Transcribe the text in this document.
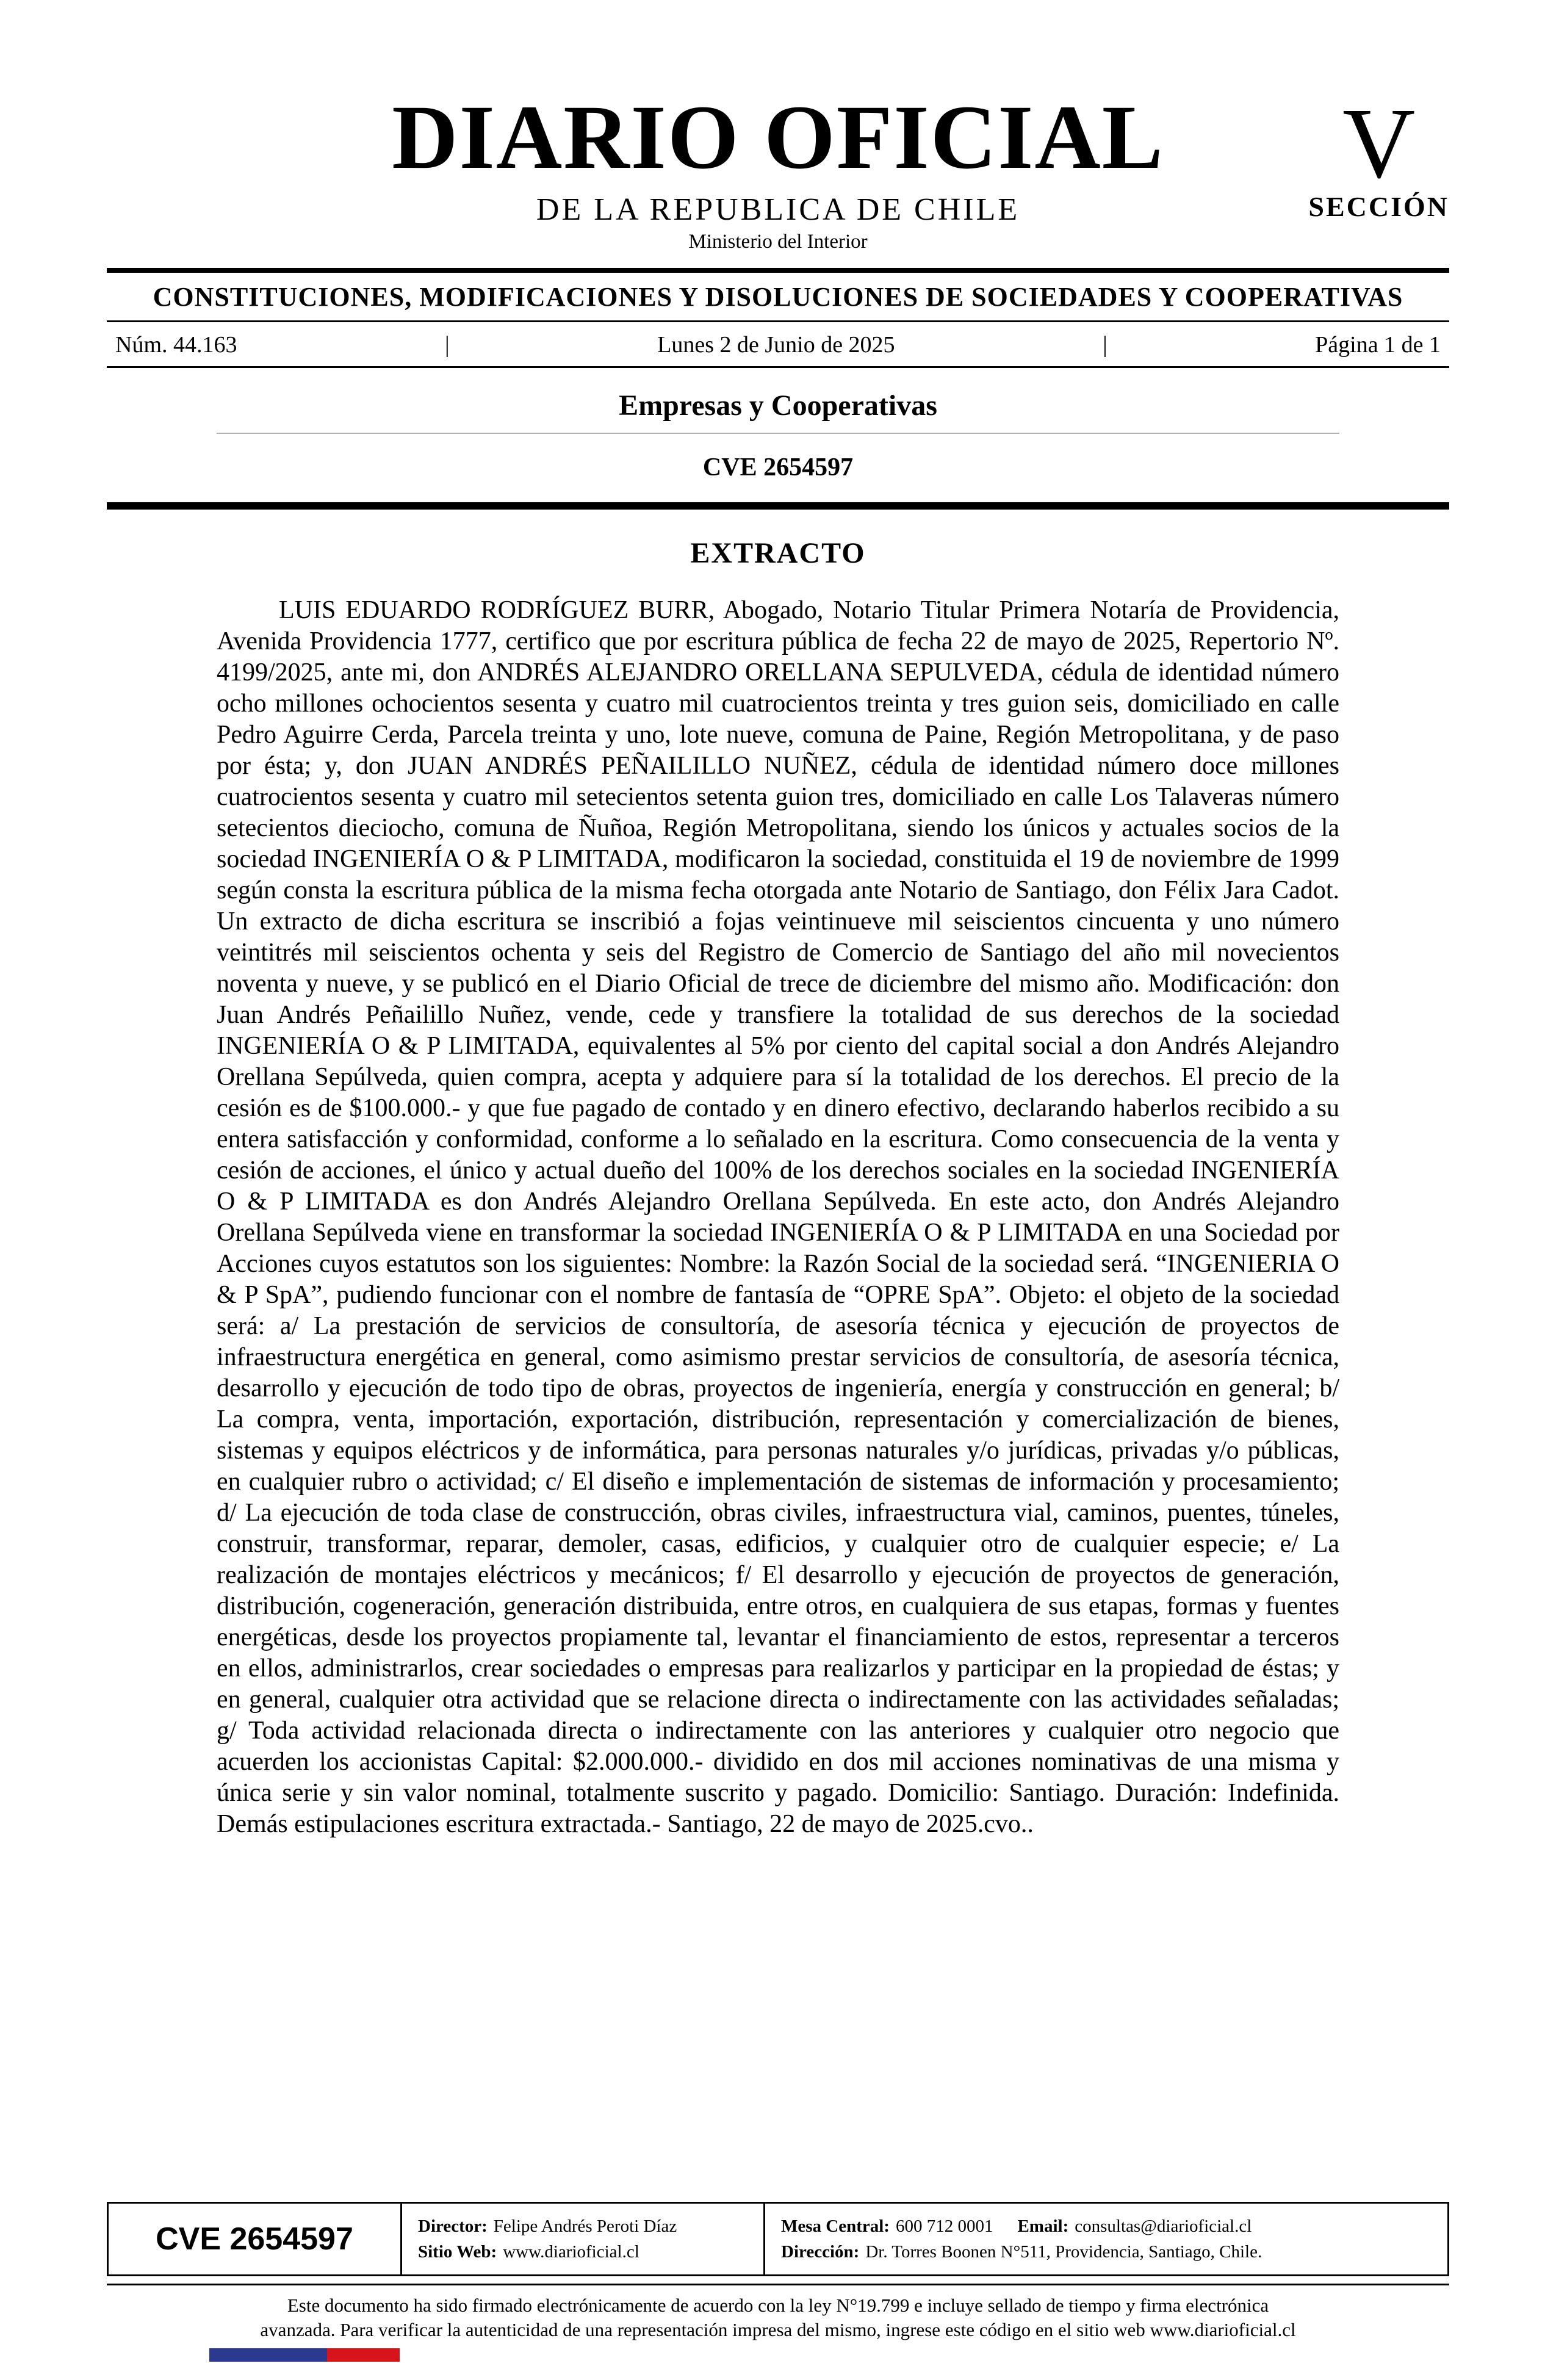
DIARIO OFICIAL
DE LA REPUBLICA DE CHILE
Ministerio del Interior
V
SECCIÓN
CONSTITUCIONES, MODIFICACIONES Y DISOLUCIONES DE SOCIEDADES Y COOPERATIVAS
Núm. 44.163	|	Lunes 2 de Junio de 2025	|	Página 1 de 1
Empresas y Cooperativas
CVE 2654597
EXTRACTO

LUIS EDUARDO RODRÍGUEZ BURR, Abogado, Notario Titular Primera Notaría de Providencia, Avenida Providencia 1777, certifico que por escritura pública de fecha 22 de mayo de 2025, Repertorio Nº. 4199/2025, ante mi, don ANDRÉS ALEJANDRO ORELLANA SEPULVEDA, cédula de identidad número ocho millones ochocientos sesenta y cuatro mil cuatrocientos treinta y tres guion seis, domiciliado en calle Pedro Aguirre Cerda, Parcela treinta y uno, lote nueve, comuna de Paine, Región Metropolitana, y de paso por ésta; y, don JUAN ANDRÉS PEÑAILILLO NUÑEZ, cédula de identidad número doce millones cuatrocientos sesenta y cuatro mil setecientos setenta guion tres, domiciliado en calle Los Talaveras número setecientos dieciocho, comuna de Ñuñoa, Región Metropolitana, siendo los únicos y actuales socios de la sociedad INGENIERÍA O & P LIMITADA, modificaron la sociedad, constituida el 19 de noviembre de 1999 según consta la escritura pública de la misma fecha otorgada ante Notario de Santiago, don Félix Jara Cadot. Un extracto de dicha escritura se inscribió a fojas veintinueve mil seiscientos cincuenta y uno número veintitrés mil seiscientos ochenta y seis del Registro de Comercio de Santiago del año mil novecientos noventa y nueve, y se publicó en el Diario Oficial de trece de diciembre del mismo año. Modificación: don Juan Andrés Peñailillo Nuñez, vende, cede y transfiere la totalidad de sus derechos de la sociedad INGENIERÍA O & P LIMITADA, equivalentes al 5% por ciento del capital social a don Andrés Alejandro Orellana Sepúlveda, quien compra, acepta y adquiere para sí la totalidad de los derechos. El precio de la cesión es de $100.000.- y que fue pagado de contado y en dinero efectivo, declarando haberlos recibido a su entera satisfacción y conformidad, conforme a lo señalado en la escritura. Como consecuencia de la venta y cesión de acciones, el único y actual dueño del 100% de los derechos sociales en la sociedad INGENIERÍA O & P LIMITADA es don Andrés Alejandro Orellana Sepúlveda. En este acto, don Andrés Alejandro Orellana Sepúlveda viene en transformar la sociedad INGENIERÍA O & P LIMITADA en una Sociedad por Acciones cuyos estatutos son los siguientes: Nombre: la Razón Social de la sociedad será. “INGENIERIA O & P SpA”, pudiendo funcionar con el nombre de fantasía de “OPRE SpA”. Objeto: el objeto de la sociedad será: a/ La prestación de servicios de consultoría, de asesoría técnica y ejecución de proyectos de infraestructura energética en general, como asimismo prestar servicios de consultoría, de asesoría técnica, desarrollo y ejecución de todo tipo de obras, proyectos de ingeniería, energía y construcción en general; b/ La compra, venta, importación, exportación, distribución, representación y comercialización de bienes, sistemas y equipos eléctricos y de informática, para personas naturales y/o jurídicas, privadas y/o públicas, en cualquier rubro o actividad; c/ El diseño e implementación de sistemas de información y procesamiento; d/ La ejecución de toda clase de construcción, obras civiles, infraestructura vial, caminos, puentes, túneles, construir, transformar, reparar, demoler, casas, edificios, y cualquier otro de cualquier especie; e/ La realización de montajes eléctricos y mecánicos; f/ El desarrollo y ejecución de proyectos de generación, distribución, cogeneración, generación distribuida, entre otros, en cualquiera de sus etapas, formas y fuentes energéticas, desde los proyectos propiamente tal, levantar el financiamiento de estos, representar a terceros en ellos, administrarlos, crear sociedades o empresas para realizarlos y participar en la propiedad de éstas; y en general, cualquier otra actividad que se relacione directa o indirectamente con las actividades señaladas; g/ Toda actividad relacionada directa o indirectamente con las anteriores y cualquier otro negocio que acuerden los accionistas Capital: $2.000.000.- dividido en dos mil acciones nominativas de una misma y única serie y sin valor nominal, totalmente suscrito y pagado. Domicilio: Santiago. Duración: Indefinida. Demás estipulaciones escritura extractada.- Santiago, 22 de mayo de 2025.cvo..

CVE 2654597	Director: Felipe Andrés Peroti Díaz
Sitio Web: www.diarioficial.cl
Mesa Central: 600 712 0001 Email: consultas@diarioficial.cl
Dirección: Dr. Torres Boonen N°511, Providencia, Santiago, Chile.
Este documento ha sido firmado electrónicamente de acuerdo con la ley N°19.799 e incluye sellado de tiempo y firma electrónica
avanzada. Para verificar la autenticidad de una representación impresa del mismo, ingrese este código en el sitio web www.diarioficial.cl
